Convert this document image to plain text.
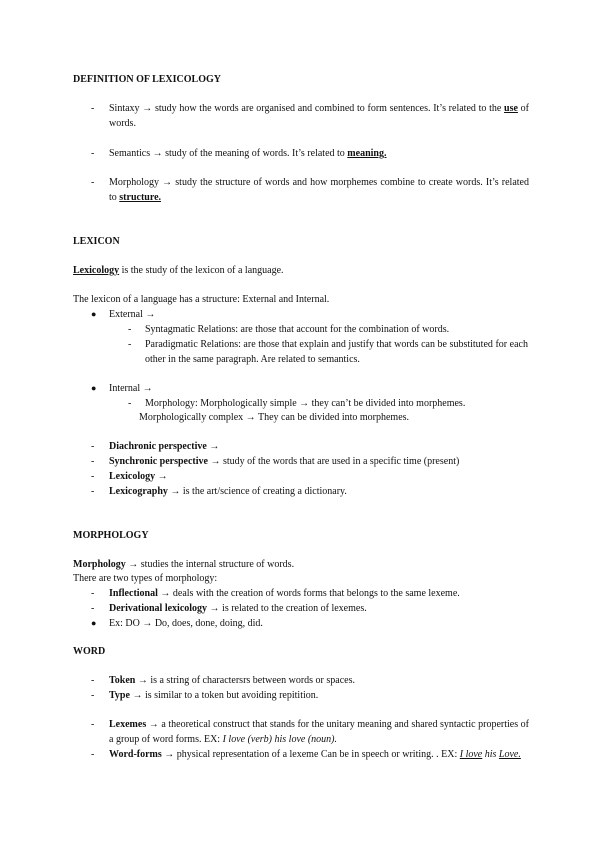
DEFINITION OF LEXICOLOGY
- Sintaxy → study how the words are organised and combined to form sentences. It’s related to the use of words.
- Semantics → study of the meaning of words. It’s related to meaning.
- Morphology → study the structure of words and how morphemes combine to create words. It’s related to structure.
LEXICON
Lexicology is the study of the lexicon of a language.
The lexicon of a language has a structure: External and Internal.
● External →
- Syntagmatic Relations: are those that account for the combination of words.
- Paradigmatic Relations: are those that explain and justify that words can be substituted for each other in the same paragraph. Are related to semantics.
● Internal →
- Morphology: Morphologically simple → they can’t be divided into morphemes.
Morphologically complex → They can be divided into morphemes.
- Diachronic perspective →
- Synchronic perspective → study of the words that are used in a specific time (present)
- Lexicology →
- Lexicography → is the art/science of creating a dictionary.
MORPHOLOGY
Morphology → studies the internal structure of words.
There are two types of morphology:
- Inflectional → deals with the creation of words forms that belongs to the same lexeme.
- Derivational lexicology → is related to the creation of lexemes.
● Ex: DO → Do, does, done, doing, did.
WORD
- Token → is a string of charactersrs between words or spaces.
- Type → is similar to a token but avoiding repitition.
- Lexemes → a theoretical construct that stands for the unitary meaning and shared syntactic properties of a group of word forms. EX: I love (verb) his love (noun).
- Word-forms → physical representation of a lexeme Can be in speech or writing. . EX: I love his Love.
